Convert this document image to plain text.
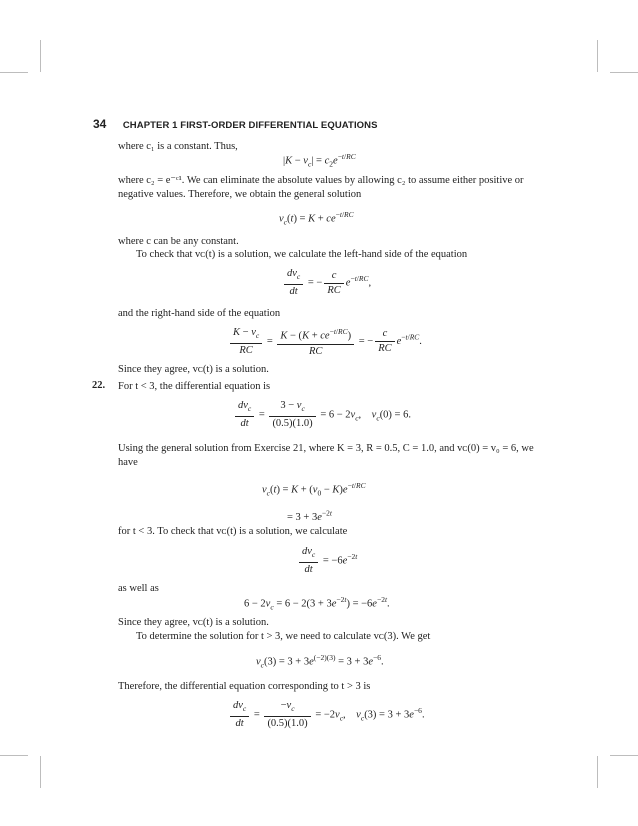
34 CHAPTER 1 FIRST-ORDER DIFFERENTIAL EQUATIONS
where c₁ is a constant. Thus,
where c₂ = e⁻ᶜ¹. We can eliminate the absolute values by allowing c₂ to assume either positive or negative values. Therefore, we obtain the general solution
where c can be any constant.
To check that vᴄ(t) is a solution, we calculate the left-hand side of the equation
and the right-hand side of the equation
Since they agree, vᴄ(t) is a solution.
22. For t < 3, the differential equation is
Using the general solution from Exercise 21, where K = 3, R = 0.5, C = 1.0, and vᴄ(0) = v₀ = 6, we have
for t < 3. To check that vᴄ(t) is a solution, we calculate
as well as
Since they agree, vᴄ(t) is a solution.
To determine the solution for t > 3, we need to calculate vᴄ(3). We get
Therefore, the differential equation corresponding to t > 3 is
$|K - v_c| = c_2e^{-t/RC}$
$v_c(t) = K + ce^{-t/RC}$
$\frac{dv_c}{dt}$ = − $\frac{c}{RC} e^{-t/RC}$,
$\frac{K - v_c}{RC} = \frac{K - (K + ce^{-t/RC})}{RC}$ = − $\frac{c}{RC} e^{-t/RC}$.
$\frac{dv_c}{dt} = \frac{3 - v_c}{(0.5)(1.0)} = 6 - 2v_c$,    $v_c(0) = 6$.
$v_c(t) = K + (v_0 - K)e^{-t/RC}$
= $3 + 3e^{-2t}$
$\frac{dv_c}{dt} = -6e^{-2t}$
$6 - 2v_c = 6 - 2(3 + 3e^{-2t}) = -6e^{-2t}$.
$v_c(3) = 3 + 3e^{(-2)(3)} = 3 + 3e^{-6}$.
$\frac{dv_c}{dt} = \frac{-v_c}{(0.5)(1.0)} = -2v_c$,    $v_c(3) = 3 + 3e^{-6}$.
